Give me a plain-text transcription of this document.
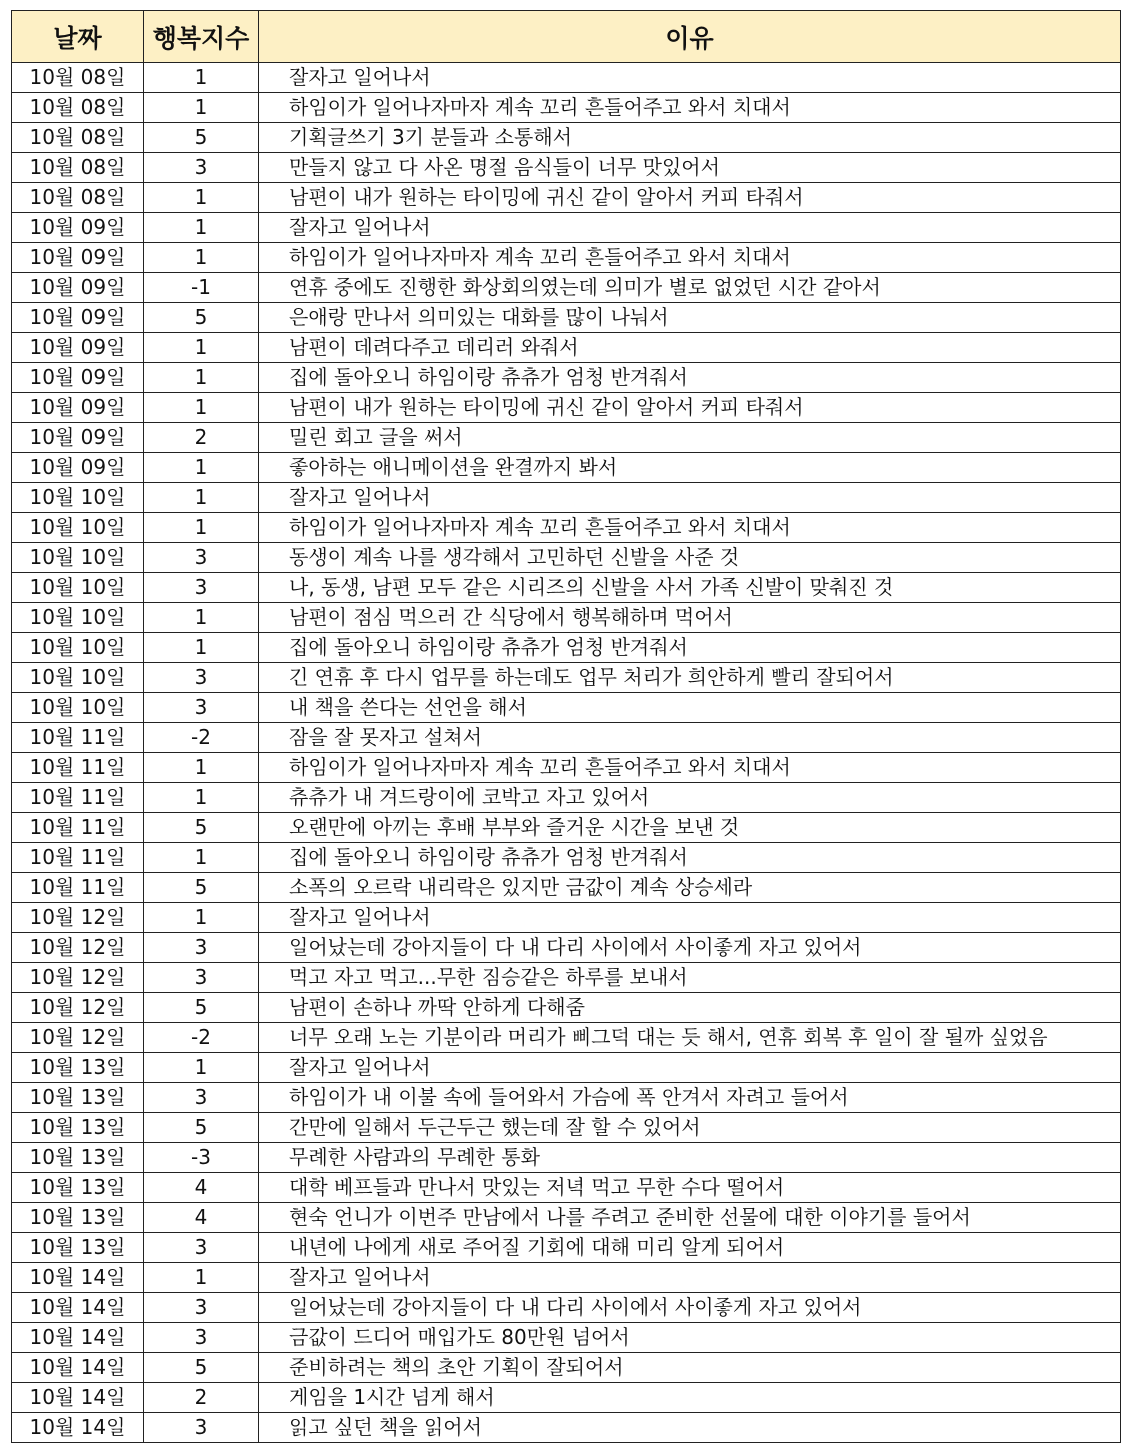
날짜	행복지수	이유
10월 08일	1	잘자고 일어나서
10월 08일	1	하임이가 일어나자마자 계속 꼬리 흔들어주고 와서 치대서
10월 08일	5	기획글쓰기 3기 분들과 소통해서
10월 08일	3	만들지 않고 다 사온 명절 음식들이 너무 맛있어서
10월 08일	1	남편이 내가 원하는 타이밍에 귀신 같이 알아서 커피 타줘서
10월 09일	1	잘자고 일어나서
10월 09일	1	하임이가 일어나자마자 계속 꼬리 흔들어주고 와서 치대서
10월 09일	-1	연휴 중에도 진행한 화상회의였는데 의미가 별로 없었던 시간 같아서
10월 09일	5	은애랑 만나서 의미있는 대화를 많이 나눠서
10월 09일	1	남편이 데려다주고 데리러 와줘서
10월 09일	1	집에 돌아오니 하임이랑 츄츄가 엄청 반겨줘서
10월 09일	1	남편이 내가 원하는 타이밍에 귀신 같이 알아서 커피 타줘서
10월 09일	2	밀린 회고 글을 써서
10월 09일	1	좋아하는 애니메이션을 완결까지 봐서
10월 10일	1	잘자고 일어나서
10월 10일	1	하임이가 일어나자마자 계속 꼬리 흔들어주고 와서 치대서
10월 10일	3	동생이 계속 나를 생각해서 고민하던 신발을 사준 것
10월 10일	3	나, 동생, 남편 모두 같은 시리즈의 신발을 사서 가족 신발이 맞춰진 것
10월 10일	1	남편이 점심 먹으러 간 식당에서 행복해하며 먹어서
10월 10일	1	집에 돌아오니 하임이랑 츄츄가 엄청 반겨줘서
10월 10일	3	긴 연휴 후 다시 업무를 하는데도 업무 처리가 희안하게 빨리 잘되어서
10월 10일	3	내 책을 쓴다는 선언을 해서
10월 11일	-2	잠을 잘 못자고 설쳐서
10월 11일	1	하임이가 일어나자마자 계속 꼬리 흔들어주고 와서 치대서
10월 11일	1	츄츄가 내 겨드랑이에 코박고 자고 있어서
10월 11일	5	오랜만에 아끼는 후배 부부와 즐거운 시간을 보낸 것
10월 11일	1	집에 돌아오니 하임이랑 츄츄가 엄청 반겨줘서
10월 11일	5	소폭의 오르락 내리락은 있지만 금값이 계속 상승세라
10월 12일	1	잘자고 일어나서
10월 12일	3	일어났는데 강아지들이 다 내 다리 사이에서 사이좋게 자고 있어서
10월 12일	3	먹고 자고 먹고...무한 짐승같은 하루를 보내서
10월 12일	5	남편이 손하나 까딱 안하게 다해줌
10월 12일	-2	너무 오래 노는 기분이라 머리가 삐그덕 대는 듯 해서, 연휴 회복 후 일이 잘 될까 싶었음
10월 13일	1	잘자고 일어나서
10월 13일	3	하임이가 내 이불 속에 들어와서 가슴에 폭 안겨서 자려고 들어서
10월 13일	5	간만에 일해서 두근두근 했는데 잘 할 수 있어서
10월 13일	-3	무례한 사람과의 무례한 통화
10월 13일	4	대학 베프들과 만나서 맛있는 저녁 먹고 무한 수다 떨어서
10월 13일	4	현숙 언니가 이번주 만남에서 나를 주려고 준비한 선물에 대한 이야기를 들어서
10월 13일	3	내년에 나에게 새로 주어질 기회에 대해 미리 알게 되어서
10월 14일	1	잘자고 일어나서
10월 14일	3	일어났는데 강아지들이 다 내 다리 사이에서 사이좋게 자고 있어서
10월 14일	3	금값이 드디어 매입가도 80만원 넘어서
10월 14일	5	준비하려는 책의 초안 기획이 잘되어서
10월 14일	2	게임을 1시간 넘게 해서
10월 14일	3	읽고 싶던 책을 읽어서
